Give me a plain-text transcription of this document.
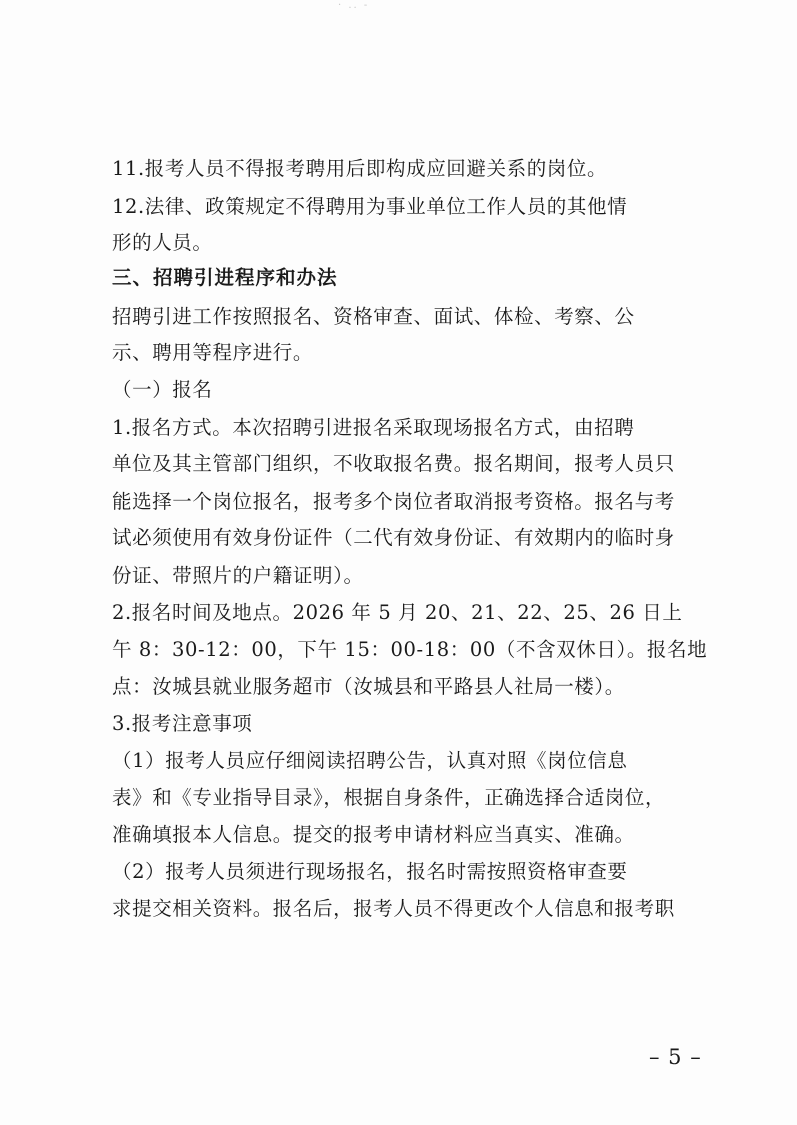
· .. -
11.报考人员不得报考聘用后即构成应回避关系的岗位。
12.法律、政策规定不得聘用为事业单位工作人员的其他情
形的人员。
三、招聘引进程序和办法
招聘引进工作按照报名、资格审查、面试、体检、考察、公
示、聘用等程序进行。
（一）报名
1.报名方式。本次招聘引进报名采取现场报名方式，由招聘
单位及其主管部门组织，不收取报名费。报名期间，报考人员只
能选择一个岗位报名，报考多个岗位者取消报考资格。报名与考
试必须使用有效身份证件（二代有效身份证、有效期内的临时身
份证、带照片的户籍证明）。
2.报名时间及地点。2026 年 5 月 20、21、22、25、26 日上
午 8：30-12：00，下午 15：00-18：00（不含双休日）。报名地
点：汝城县就业服务超市（汝城县和平路县人社局一楼）。
3.报考注意事项
（1）报考人员应仔细阅读招聘公告，认真对照《岗位信息
表》和《专业指导目录》，根据自身条件，正确选择合适岗位，
准确填报本人信息。提交的报考申请材料应当真实、准确。
（2）报考人员须进行现场报名，报名时需按照资格审查要
求提交相关资料。报名后，报考人员不得更改个人信息和报考职
– 5 –
